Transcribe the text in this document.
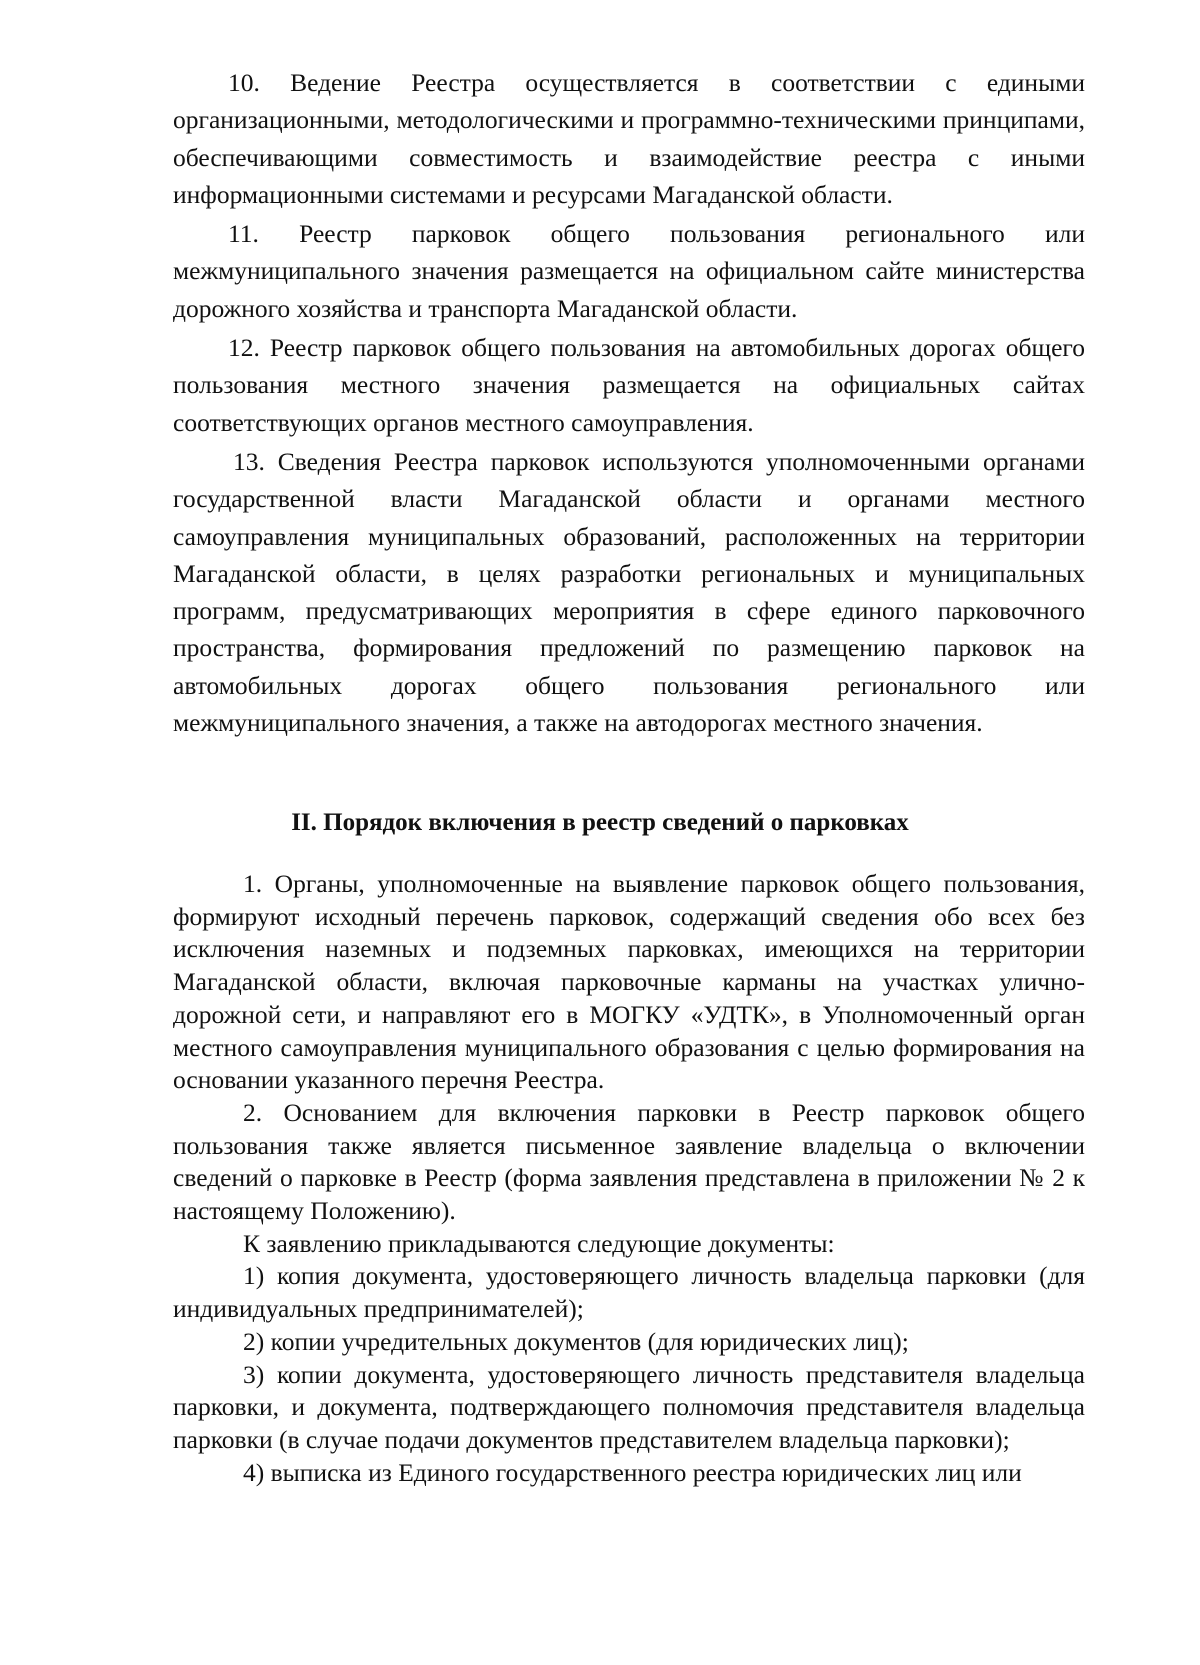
10. Ведение Реестра осуществляется в соответствии с едиными организационными, методологическими и программно-техническими принципами, обеспечивающими совместимость и взаимодействие реестра с иными информационными системами и ресурсами Магаданской области.

11. Реестр парковок общего пользования регионального или межмуниципального значения размещается на официальном сайте министерства дорожного хозяйства и транспорта Магаданской области.

12. Реестр парковок общего пользования на автомобильных дорогах общего пользования местного значения размещается на официальных сайтах соответствующих органов местного самоуправления.

13. Сведения Реестра парковок используются уполномоченными органами государственной власти Магаданской области и органами местного самоуправления муниципальных образований, расположенных на территории Магаданской области, в целях разработки региональных и муниципальных программ, предусматривающих мероприятия в сфере единого парковочного пространства, формирования предложений по размещению парковок на автомобильных дорогах общего пользования регионального или межмуниципального значения, а также на автодорогах местного значения.

II. Порядок включения в реестр сведений о парковках

1. Органы, уполномоченные на выявление парковок общего пользования, формируют исходный перечень парковок, содержащий сведения обо всех без исключения наземных и подземных парковках, имеющихся на территории Магаданской области, включая парковочные карманы на участках улично-дорожной сети, и направляют его в МОГКУ «УДТК», в Уполномоченный орган местного самоуправления муниципального образования с целью формирования на основании указанного перечня Реестра.

2. Основанием для включения парковки в Реестр парковок общего пользования также является письменное заявление владельца о включении сведений о парковке в Реестр (форма заявления представлена в приложении № 2 к настоящему Положению).

К заявлению прикладываются следующие документы:

1) копия документа, удостоверяющего личность владельца парковки (для индивидуальных предпринимателей);

2) копии учредительных документов (для юридических лиц);

3) копии документа, удостоверяющего личность представителя владельца парковки, и документа, подтверждающего полномочия представителя владельца парковки (в случае подачи документов представителем владельца парковки);

4) выписка из Единого государственного реестра юридических лиц или
